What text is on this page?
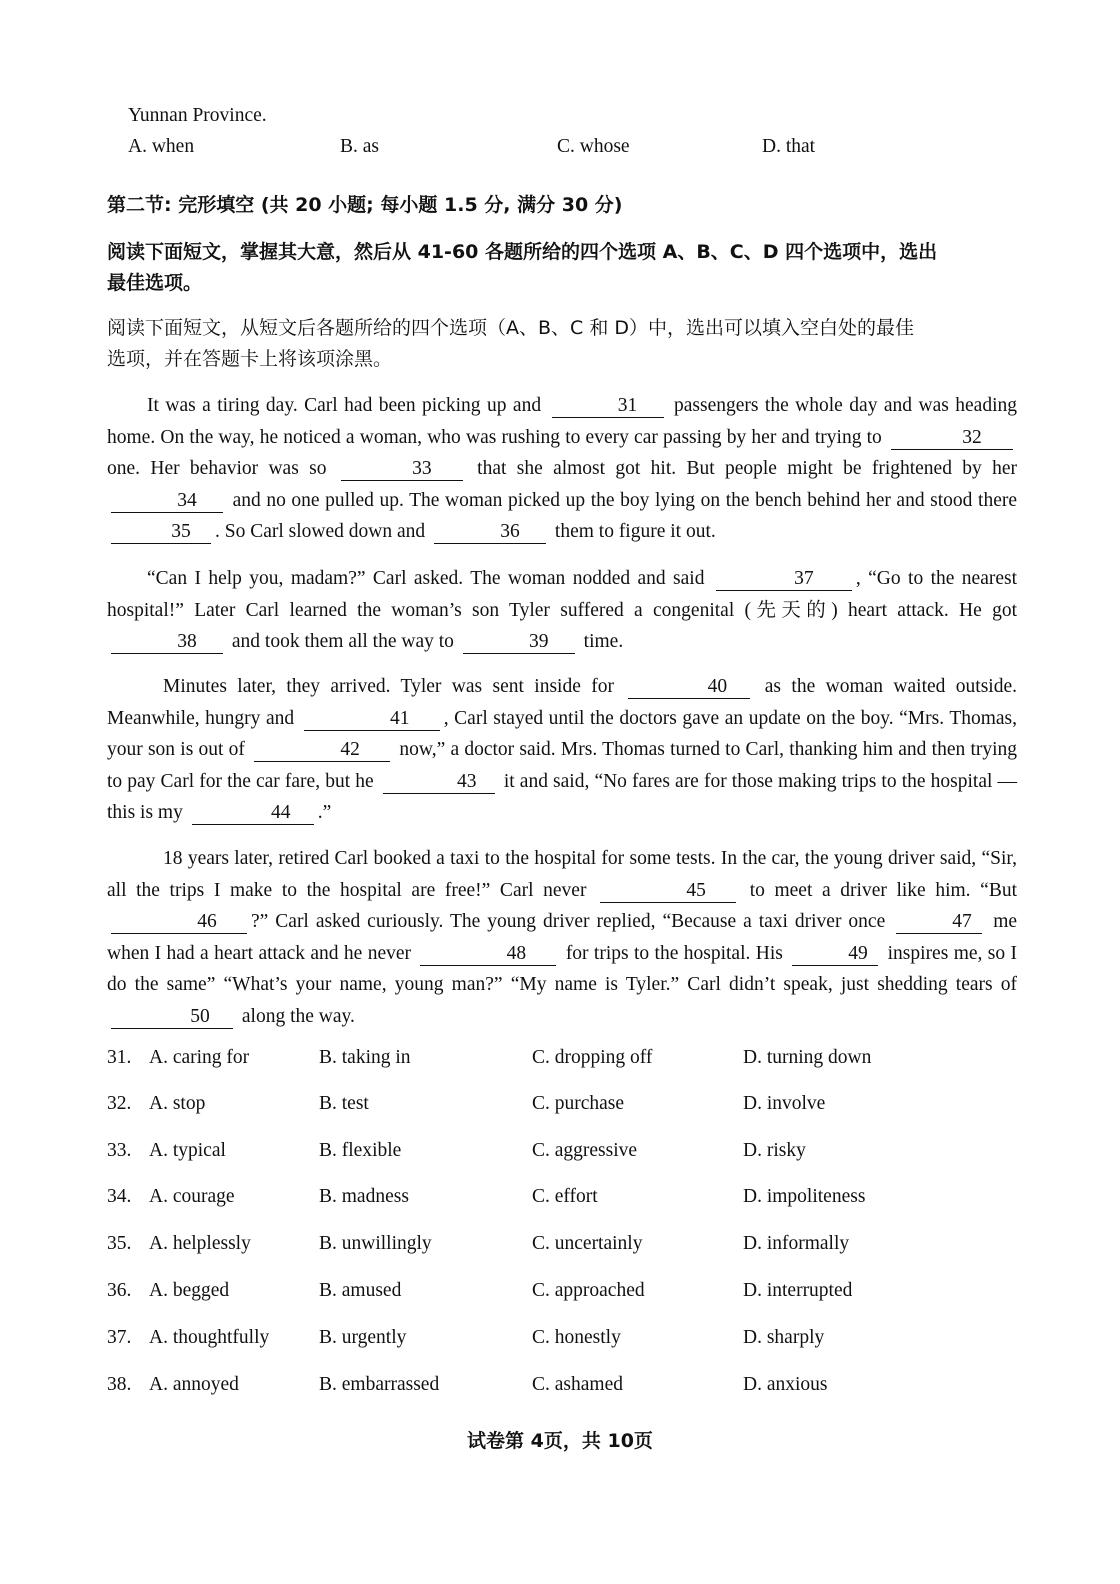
Yunnan Province.
A. when	B. as	C. whose	D. that
第二节: 完形填空 (共 20 小题; 每小题 1.5 分, 满分 30 分)
阅读下面短文，掌握其大意，然后从 41-60 各题所给的四个选项 A、B、C、D 四个选项中，选出
最佳选项。
阅读下面短文，从短文后各题所给的四个选项（A、B、C 和 D）中，选出可以填入空白处的最佳
选项，并在答题卡上将该项涂黑。
It was a tiring day. Carl had been picking up and	31 passengers the whole day and was heading home. On the way, he noticed a woman, who was rushing to every car passing by her and trying to	32 one. Her behavior was so	33 that she almost got hit. But people might be frightened by her 34 and no one pulled up. The woman picked up the boy lying on the bench behind her and stood there 35 . So Carl slowed down and	36 them to figure it out.
“Can I help you, madam?” Carl asked. The woman nodded and said	37 , “Go to the nearest hospital!” Later Carl learned the woman’s son Tyler suffered a congenital (先天的) heart attack. He got 38 and took them all the way to	39 time.
Minutes later, they arrived. Tyler was sent inside for	40 as the woman waited outside. Meanwhile, hungry and	41 , Carl stayed until the doctors gave an update on the boy. “Mrs. Thomas, your son is out of	42 now,” a doctor said. Mrs. Thomas turned to Carl, thanking him and then trying to pay Carl for the car fare, but he	43 it and said, “No fares are for those making trips to the hospital — this is my	44 .”
18 years later, retired Carl booked a taxi to the hospital for some tests. In the car, the young driver said, “Sir, all the trips I make to the hospital are free!” Carl never	45 to meet a driver like him. “But 46 ?” Carl asked curiously. The young driver replied, “Because a taxi driver once	47 me when I had a heart attack and he never	48 for trips to the hospital. His	49 inspires me, so I do the same” “What’s your name, young man?” “My name is Tyler.” Carl didn’t speak, just shedding tears of 50 along the way.
31. A. caring for	B. taking in	C. dropping off	D. turning down
32. A. stop	B. test	C. purchase	D. involve
33. A. typical	B. flexible	C. aggressive	D. risky
34. A. courage	B. madness	C. effort	D. impoliteness
35. A. helplessly	B. unwillingly	C. uncertainly	D. informally
36. A. begged	B. amused	C. approached	D. interrupted
37. A. thoughtfully	B. urgently	C. honestly	D. sharply
38. A. annoyed	B. embarrassed	C. ashamed	D. anxious
试卷第 4页，共 10页
